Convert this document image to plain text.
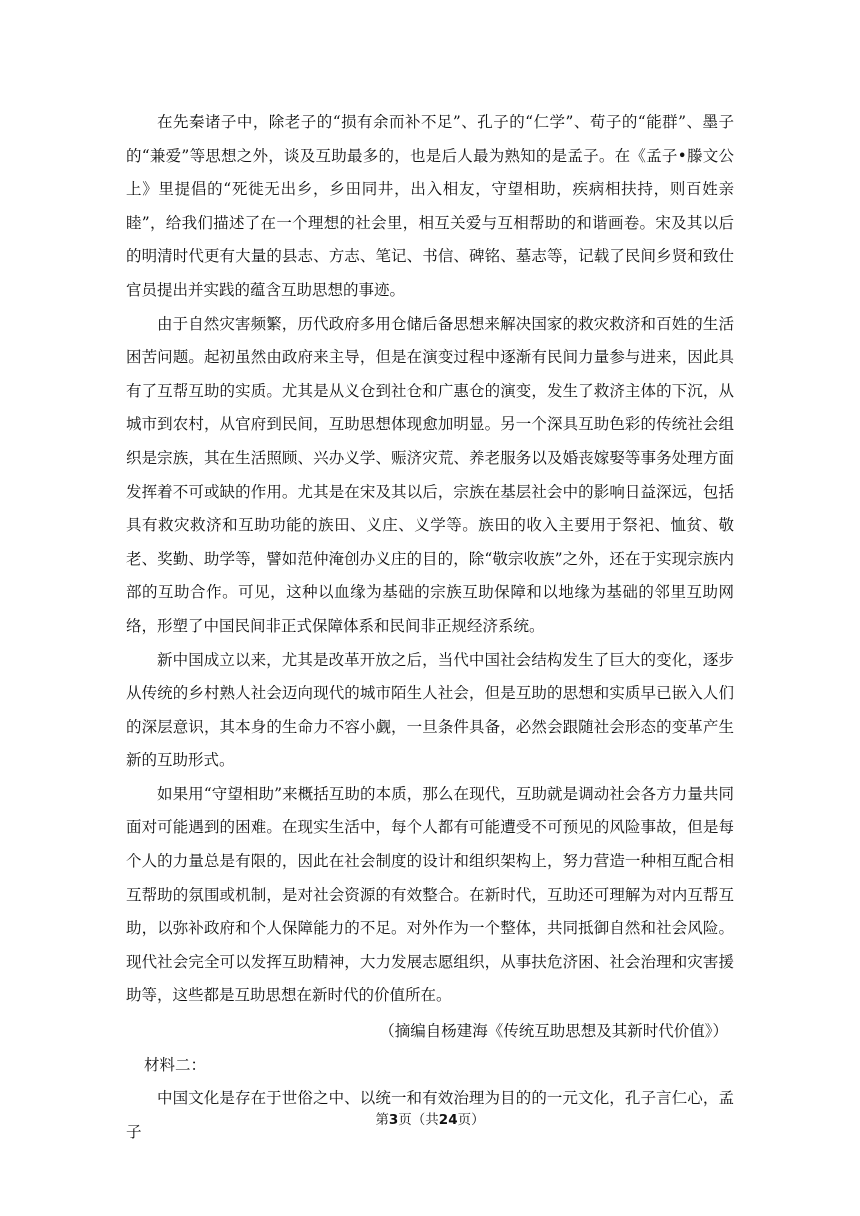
在先秦诸子中，除老子的“损有余而补不足”、孔子的“仁学”、荀子的“能群”、墨子的“兼爱”等思想之外，谈及互助最多的，也是后人最为熟知的是孟子。在《孟子•滕文公上》里提倡的“死徙无出乡，乡田同井，出入相友，守望相助，疾病相扶持，则百姓亲睦”，给我们描述了在一个理想的社会里，相互关爱与互相帮助的和谐画卷。宋及其以后的明清时代更有大量的县志、方志、笔记、书信、碑铭、墓志等，记载了民间乡贤和致仕官员提出并实践的蕴含互助思想的事迹。

由于自然灾害频繁，历代政府多用仓储后备思想来解决国家的救灾救济和百姓的生活困苦问题。起初虽然由政府来主导，但是在演变过程中逐渐有民间力量参与进来，因此具有了互帮互助的实质。尤其是从义仓到社仓和广惠仓的演变，发生了救济主体的下沉，从城市到农村，从官府到民间，互助思想体现愈加明显。另一个深具互助色彩的传统社会组织是宗族，其在生活照顾、兴办义学、赈济灾荒、养老服务以及婚丧嫁娶等事务处理方面发挥着不可或缺的作用。尤其是在宋及其以后，宗族在基层社会中的影响日益深远，包括具有救灾救济和互助功能的族田、义庄、义学等。族田的收入主要用于祭祀、恤贫、敬老、奖勤、助学等，譬如范仲淹创办义庄的目的，除“敬宗收族”之外，还在于实现宗族内部的互助合作。可见，这种以血缘为基础的宗族互助保障和以地缘为基础的邻里互助网络，形塑了中国民间非正式保障体系和民间非正规经济系统。

新中国成立以来，尤其是改革开放之后，当代中国社会结构发生了巨大的变化，逐步从传统的乡村熟人社会迈向现代的城市陌生人社会，但是互助的思想和实质早已嵌入人们的深层意识，其本身的生命力不容小觑，一旦条件具备，必然会跟随社会形态的变革产生新的互助形式。

如果用“守望相助”来概括互助的本质，那么在现代，互助就是调动社会各方力量共同面对可能遇到的困难。在现实生活中，每个人都有可能遭受不可预见的风险事故，但是每个人的力量总是有限的，因此在社会制度的设计和组织架构上，努力营造一种相互配合相互帮助的氛围或机制，是对社会资源的有效整合。在新时代，互助还可理解为对内互帮互助，以弥补政府和个人保障能力的不足。对外作为一个整体，共同抵御自然和社会风险。现代社会完全可以发挥互助精神，大力发展志愿组织，从事扶危济困、社会治理和灾害援助等，这些都是互助思想在新时代的价值所在。

（摘编自杨建海《传统互助思想及其新时代价值》）

材料二：

中国文化是存在于世俗之中、以统一和有效治理为目的的一元文化，孔子言仁心，孟子

第3页（共24页）
